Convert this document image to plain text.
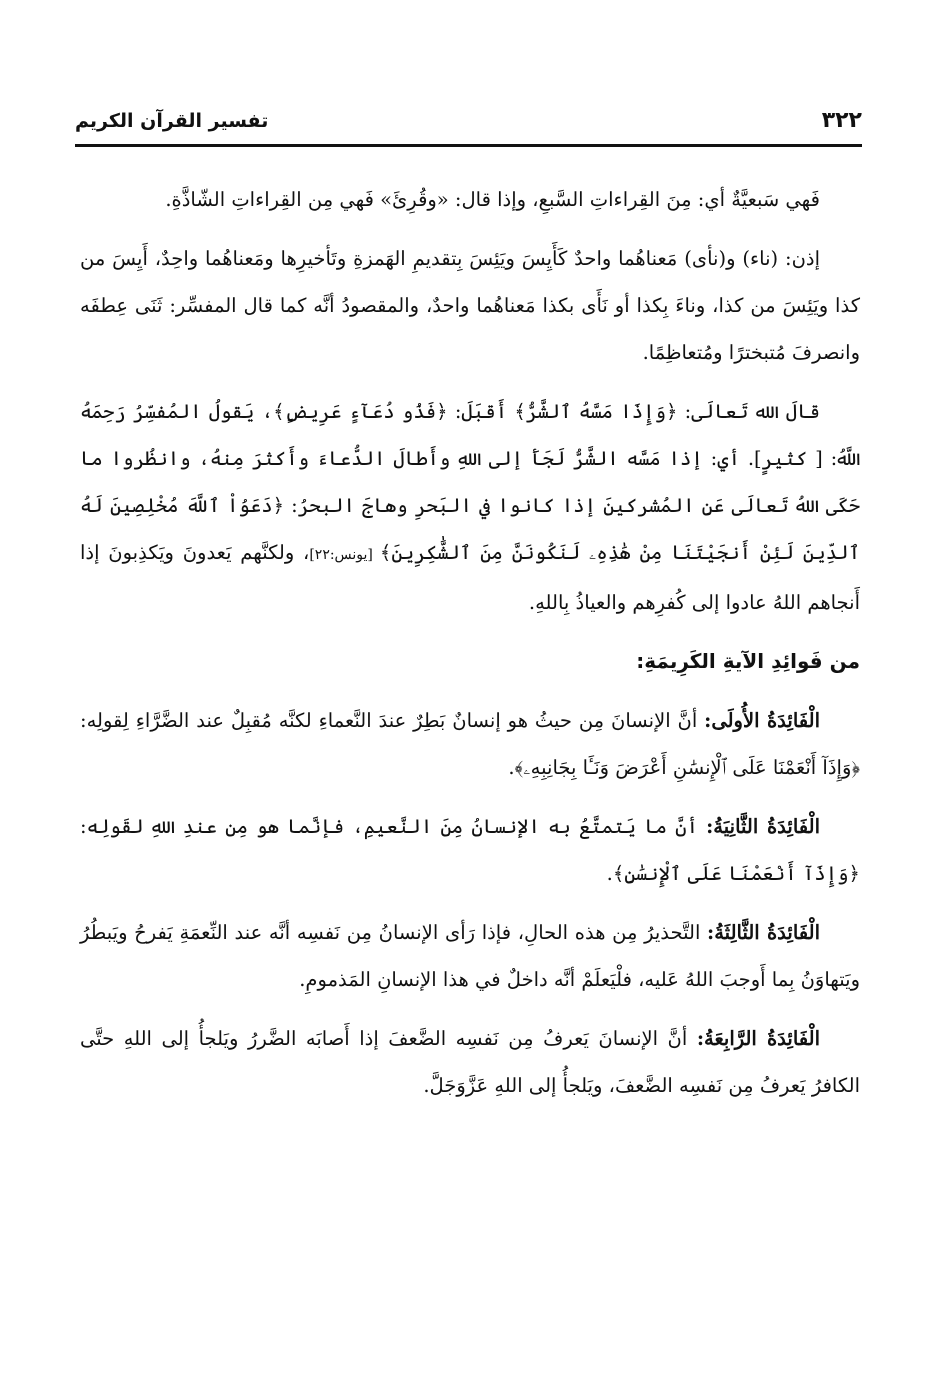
٣٢٢
تفسير القرآن الكريم

فَهي سَبعيَّةٌ أي: مِنَ القِراءاتِ السَّبعِ، وإذا قال: «وقُرِئَ» فَهي مِن القِراءاتِ الشّاذَّةِ.

إذن: (ناء) و(نأى) مَعناهُما واحدٌ كَأَيِسَ ويَئِسَ بِتقديمِ الهَمزةِ وتَأخيرِها ومَعناهُما واحِدٌ، أَيِسَ من كذا ويَئِسَ من كذا، وناءَ بِكذا أو نَأَى بكذا مَعناهُما واحدٌ، والمقصودُ أنَّه كما قال المفسِّر: ثَنَى عِطفَه وانصرفَ مُتبخترًا ومُتعاظِمًا.

قالَ الله تَعالَى: ﴿وَإِذَا مَسَّهُ ٱلشَّرُّ﴾ أَقبَلَ: ﴿فَذُو دُعَآءٍ عَرِيضٍ﴾، يَقولُ المُفسِّرُ رَحِمَهُ اللَّهُ: [ كثيرٍ]. أي: إذا مَسَّه الشَّرُّ لَجَأَ إلى اللهِ وأَطالَ الدُّعاءَ وأَكثرَ مِنهُ، وانظُروا ما حَكَى اللهُ تَعالَى عَنِ المُشركينَ إذا كانوا في البَحرِ وهاجَ البحرُ: ﴿دَعَوُاْ ٱللَّهَ مُخْلِصِينَ لَهُ ٱلدِّينَ لَئِنْ أَنجَيْتَنَا مِنْ هَٰذِهِۦ لَنَكُونَنَّ مِنَ ٱلشَّٰكِرِينَ﴾ [يونس:٢٢]، ولكنَّهم يَعدونَ ويَكذِبونَ إذا أَنجاهم اللهُ عادوا إلى كُفرِهم والعياذُ بِاللهِ.

من فَوائِدِ الآيةِ الكَرِيمَةِ:

الْفَائِدَةُ الأُولَى: أنَّ الإنسانَ مِن حيثُ هو إنسانٌ بَطِرٌ عندَ النَّعماءِ لكنَّه مُقبِلٌ عند الضَّرَّاءِ لِقولِه: ﴿وَإِذَآ أَنْعَمْنَا عَلَى ٱلْإِنسَٰنِ أَعْرَضَ وَنَـَٔا بِجَانِبِهِۦ﴾.

الْفَائِدَةُ الثَّانِيَةُ: أنَّ ما يَتمتَّعُ به الإنسانُ مِنَ النَّعيمِ، فإنَّما هو مِن عندِ اللهِ لقَولِه: ﴿وَإِذَآ أَنْعَمْنَا عَلَى ٱلْإِنسَٰنِ﴾.

الْفَائِدَةُ الثَّالِثَةُ: التَّحذيرُ مِن هذه الحالِ، فإذا رَأى الإنسانُ مِن نَفسِه أنَّه عند النِّعمَةِ يَفرحُ ويَبطُرُ ويَتهاوَنُ بِما أَوجبَ اللهُ عَليه، فلْيَعلَمْ أنَّه داخلٌ في هذا الإنسانِ المَذمومِ.

الْفَائِدَةُ الرَّابِعَةُ: أنَّ الإنسانَ يَعرفُ مِن نَفسِه الضَّعفَ إذا أَصابَه الضَّررُ ويَلجأُ إلى اللهِ حتَّى الكافرُ يَعرفُ مِن نَفسِه الضَّعفَ، ويَلجأُ إلى اللهِ عَزَّوَجَلَّ.
